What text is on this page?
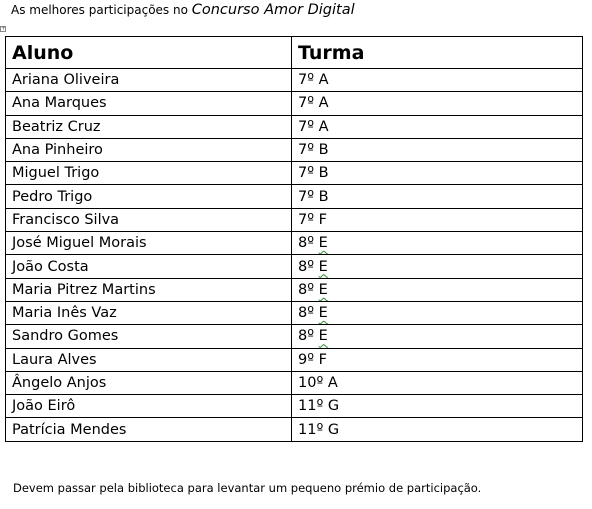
As melhores participações no Concurso Amor Digital
+
Aluno	Turma
Ariana Oliveira	7º A
Ana Marques	7º A
Beatriz Cruz	7º A
Ana Pinheiro	7º B
Miguel Trigo	7º B
Pedro Trigo	7º B
Francisco Silva	7º F
José Miguel Morais	8º E
João Costa	8º E
Maria Pitrez Martins	8º E
Maria Inês Vaz	8º E
Sandro Gomes	8º E
Laura Alves	9º F
Ângelo Anjos	10º A
João Eirô	11º G
Patrícia Mendes	11º G
Devem passar pela biblioteca para levantar um pequeno prémio de participação.
